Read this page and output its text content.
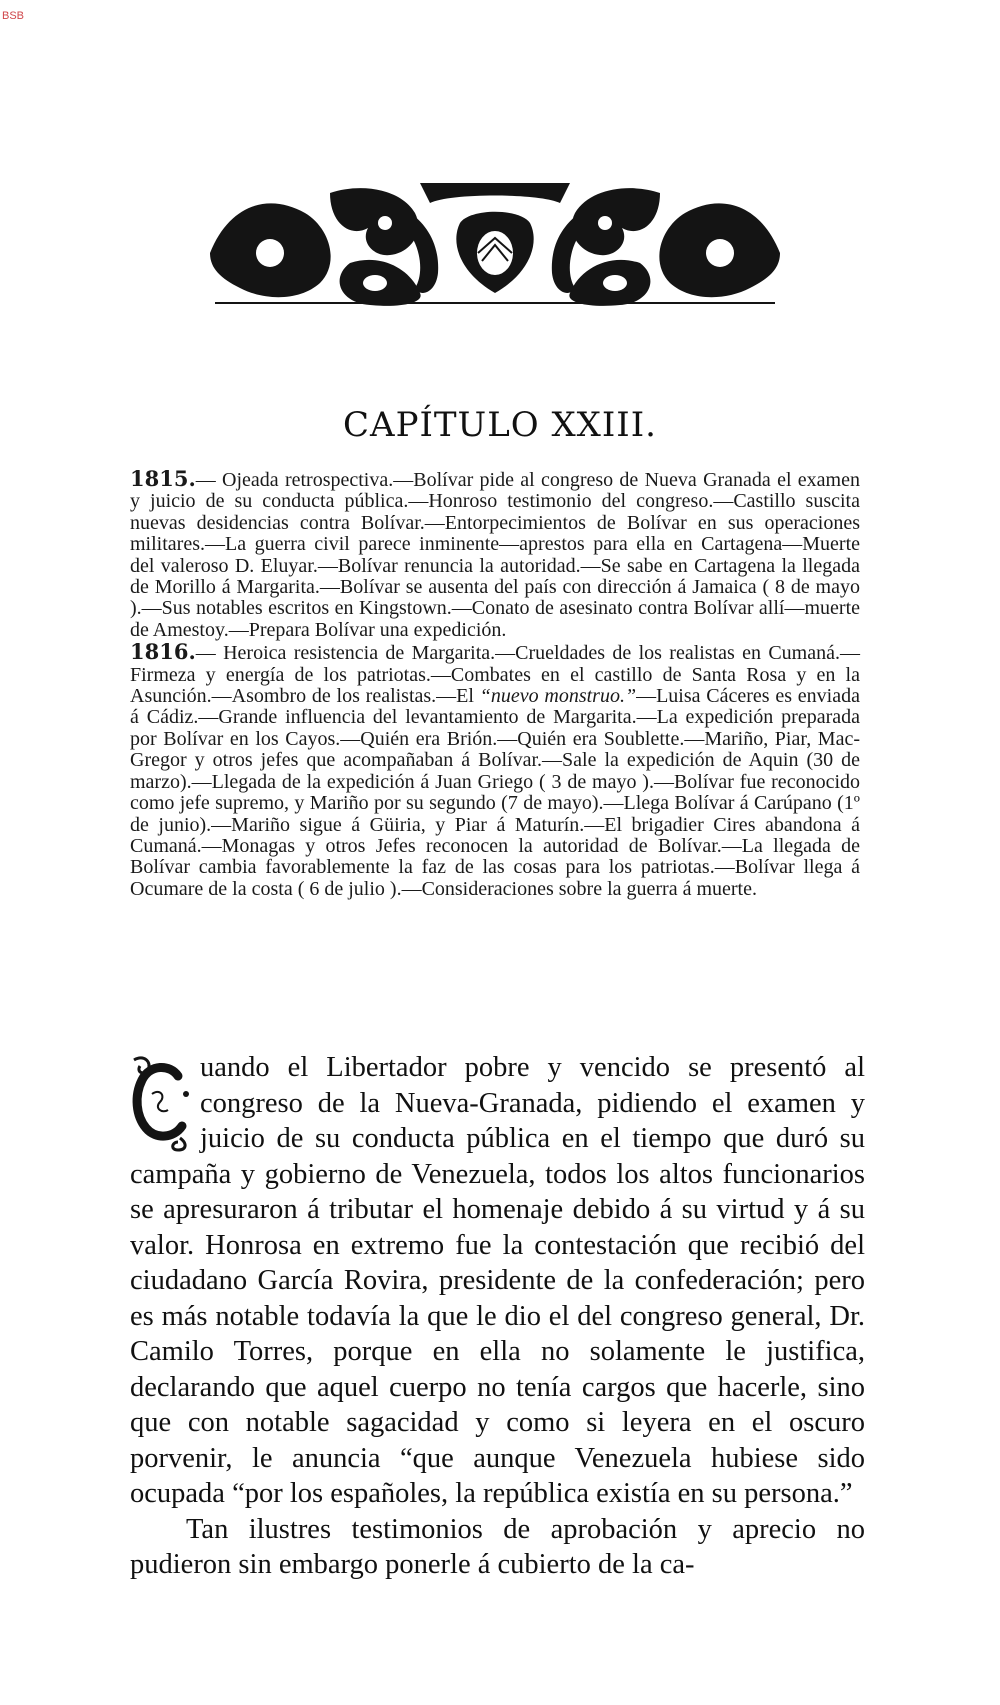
BSB
CAPÍTULO XXIII.

1815.— Ojeada retrospectiva.—Bolívar pide al congreso de Nueva Granada el examen y juicio de su conducta pública.—Honroso testimonio del congreso.—Castillo suscita nuevas desidencias contra Bolívar.—Entorpecimientos de Bolívar en sus operaciones militares.—La guerra civil parece inminente—aprestos para ella en Cartagena—Muerte del valeroso D. Eluyar.—Bolívar renuncia la autoridad.—Se sabe en Cartagena la llegada de Morillo á Margarita.—Bolívar se ausenta del país con dirección á Jamaica ( 8 de mayo ).—Sus notables escritos en Kingstown.—Conato de asesinato contra Bolívar allí—muerte de Amestoy.—Prepara Bolívar una expedición.

1816.— Heroica resistencia de Margarita.—Crueldades de los realistas en Cumaná.—Firmeza y energía de los patriotas.—Combates en el castillo de Santa Rosa y en la Asunción.—Asombro de los realistas.—El “nuevo monstruo.”—Luisa Cáceres es enviada á Cádiz.—Grande influencia del levantamiento de Margarita.—La expedición preparada por Bolívar en los Cayos.—Quién era Brión.—Quién era Soublette.—Mariño, Piar, Mac-Gregor y otros jefes que acompañaban á Bolívar.—Sale la expedición de Aquin (30 de marzo).—Llegada de la expedición á Juan Griego ( 3 de mayo ).—Bolívar fue reconocido como jefe supremo, y Mariño por su segundo (7 de mayo).—Llega Bolívar á Carúpano (1º de junio).—Mariño sigue á Güiria, y Piar á Maturín.—El brigadier Cires abandona á Cumaná.—Monagas y otros Jefes reconocen la autoridad de Bolívar.—La llegada de Bolívar cambia favorablemente la faz de las cosas para los patriotas.—Bolívar llega á Ocumare de la costa ( 6 de julio ).—Consideraciones sobre la guerra á muerte.

uando el Libertador pobre y vencido se presentó al congreso de la Nueva-Granada, pidiendo el examen y juicio de su conducta pública en el tiempo que duró su campaña y gobierno de Venezuela, todos los altos funcionarios se apresuraron á tributar el homenaje debido á su virtud y á su valor. Honrosa en extremo fue la contestación que recibió del ciudadano García Rovira, presidente de la confederación; pero es más notable todavía la que le dio el del congreso general, Dr. Camilo Torres, porque en ella no solamente le justifica, declarando que aquel cuerpo no tenía cargos que hacerle, sino que con notable sagacidad y como si leyera en el oscuro porvenir, le anuncia “que aunque Venezuela hubiese sido ocupada “por los españoles, la república existía en su persona.”

Tan ilustres testimonios de aprobación y aprecio no pudieron sin embargo ponerle á cubierto de la ca-
